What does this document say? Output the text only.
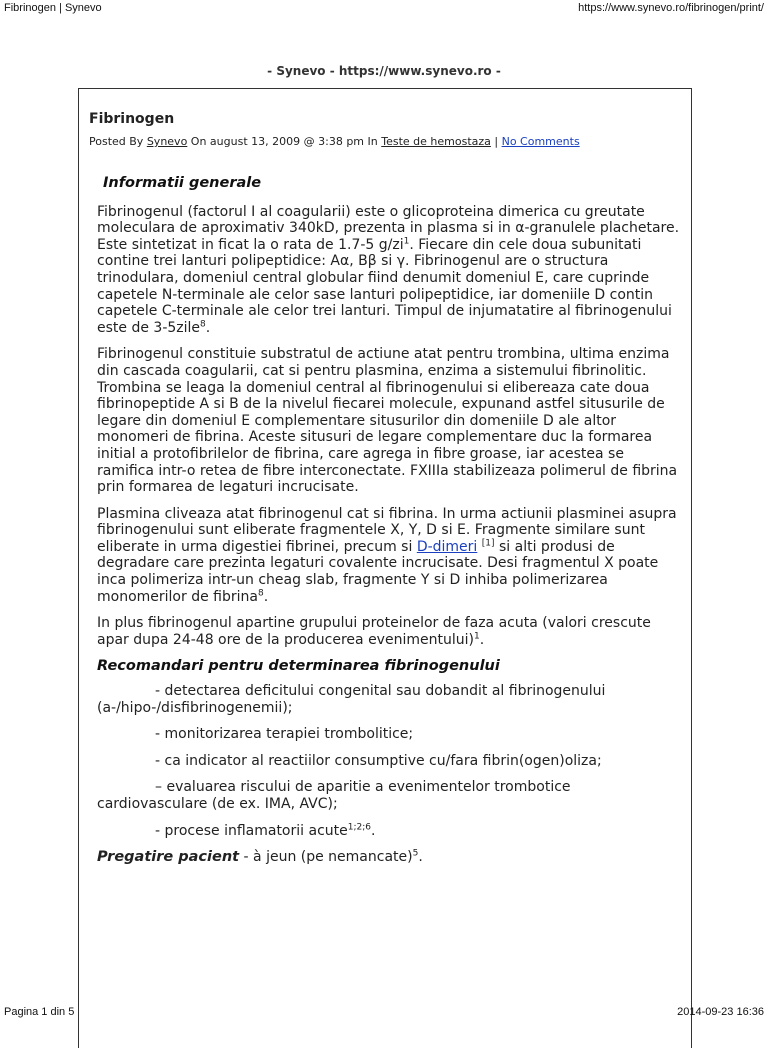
Fibrinogen | Synevo	https://www.synevo.ro/fibrinogen/print/
- Synevo - https://www.synevo.ro -
Fibrinogen
Posted By Synevo On august 13, 2009 @ 3:38 pm In Teste de hemostaza | No Comments
Informatii generale

Fibrinogenul (factorul I al coagularii) este o glicoproteina dimerica cu greutate moleculara de aproximativ 340kD, prezenta in plasma si in α-granulele plachetare. Este sintetizat in ficat la o rata de 1.7-5 $g/zi^1$. Fiecare din cele doua subunitati contine trei lanturi polipeptidice: Aα, Bβ si γ. Fibrinogenul are o structura trinodulara, domeniul central globular fiind denumit domeniul E, care cuprinde capetele N-terminale ale celor sase lanturi polipeptidice, iar domeniile D contin capetele C-terminale ale celor trei lanturi. Timpul de injumatatire al fibrinogenului este de 3-5zile$^8$.

Fibrinogenul constituie substratul de actiune atat pentru trombina, ultima enzima din cascada coagularii, cat si pentru plasmina, enzima a sistemului fibrinolitic. Trombina se leaga la domeniul central al fibrinogenului si elibereaza cate doua fibrinopeptide A si B de la nivelul fiecarei molecule, expunand astfel situsurile de legare din domeniul E complementare situsurilor din domeniile D ale altor monomeri de fibrina. Aceste situsuri de legare complementare duc la formarea initial a protofibrilelor de fibrina, care agrega in fibre groase, iar acestea se ramifica intr-o retea de fibre interconectate. FXIIIa stabilizeaza polimerul de fibrina prin formarea de legaturi incrucisate.

Plasmina cliveaza atat fibrinogenul cat si fibrina. In urma actiunii plasminei asupra fibrinogenului sunt eliberate fragmentele X, Y, D si E. Fragmente similare sunt eliberate in urma digestiei fibrinei, precum si D-dimeri [1] si alti produsi de degradare care prezinta legaturi covalente incrucisate. Desi fragmentul X poate inca polimeriza intr-un cheag slab, fragmente Y si D inhiba polimerizarea monomerilor de fibrina$^8$.

In plus fibrinogenul apartine grupului proteinelor de faza acuta (valori crescute apar dupa 24-48 ore de la producerea evenimentului)$^1$.

Recomandari pentru determinarea fibrinogenului

- detectarea deficitului congenital sau dobandit al fibrinogenului (a-/hipo-/disfibrinogenemii);

- monitorizarea terapiei trombolitice;

- ca indicator al reactiilor consumptive cu/fara fibrin(ogen)oliza;

– evaluarea riscului de aparitie a evenimentelor trombotice cardiovasculare (de ex. IMA, AVC);

- procese inflamatorii acute$^{1;2;6}$.

Pregatire pacient - à jeun (pe nemancate)$^5$.

Pagina 1 din 5	2014-09-23 16:36
